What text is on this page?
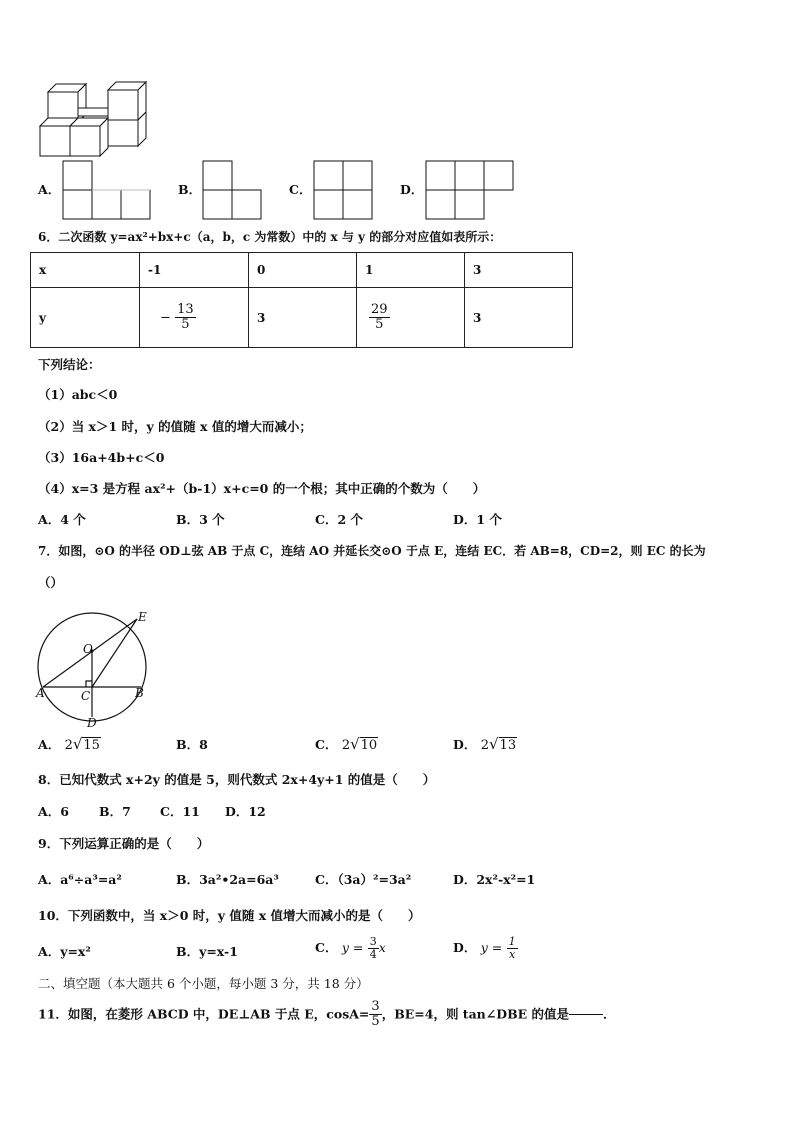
A．	B．	C．	D．
6．二次函数 y=ax²+bx+c（a，b，c 为常数）中的 x 与 y 的部分对应值如表所示：
x	-1	0	1	3
y	− $\frac{13}{5}$	3	$\frac{29}{5}$	3
下列结论：
（1）abc＜0
（2）当 x＞1 时，y 的值随 x 值的增大而减小；
（3）16a+4b+c＜0
（4）x=3 是方程 ax²+（b-1）x+c=0 的一个根；其中正确的个数为（　　）
A．4 个	B．3 个	C．2 个	D．1 个
7．如图，⊙O 的半径 OD⊥弦 AB 于点 C，连结 AO 并延长交⊙O 于点 E，连结 EC．若 AB=8，CD=2，则 EC 的长为
（）
E
O
A	C	B
D
A． 2 √ 15	B．8	C． 2 √ 10	D． 2 √ 13
8．已知代数式 x+2y 的值是 5，则代数式 2x+4y+1 的值是（　　）
A．6 B．7 C．11 D．12
9．下列运算正确的是（　　）
A．a⁶÷a³=a²	B．3a²•2a=6a³	C．（3a）²=3a²	D．2x²-x²=1
10．下列函数中，当 x＞0 时，y 值随 x 值增大而减小的是（　　）
A．y=x²	B．y=x-1	C． $y = \frac{3}{4}$ x	D． $y = \frac{1}{x}$
二、填空题（本大题共 6 个小题，每小题 3 分，共 18 分）
11．如图，在菱形 ABCD 中，DE⊥AB 于点 E，$\cos A= \frac{3}{5}$ ，BE=4，则 tan∠DBE 的值是	．
